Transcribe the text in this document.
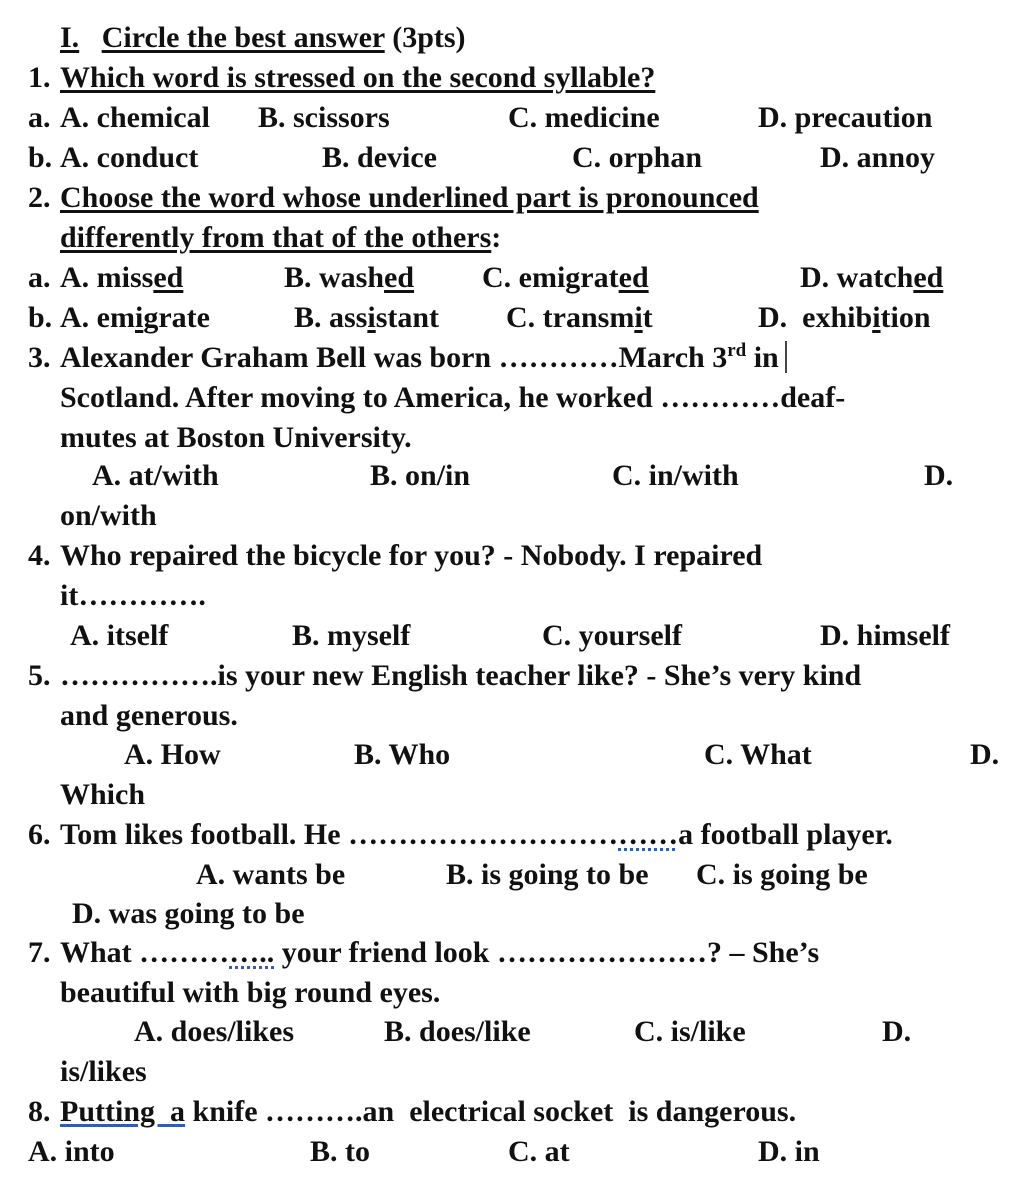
I. Circle the best answer (3pts)
1. Which word is stressed on the second syllable?
a. A. chemical B. scissors	C. medicine	D. precaution
b. A. conduct	B. device	C. orphan	D. annoy
2. Choose the word whose underlined part is pronounced
differently from that of the others:
a. A. missed	B. washed C. emigrated	D. watched
b. A. emigrate	B. assistant C. transmit	D.  exhibition
3. Alexander Graham Bell was born …………March 3rd in
Scotland. After moving to America, he worked …………deaf-
mutes at Boston University.
A. at/with	B. on/in	C. in/with	D.
on/with
4. Who repaired the bicycle for you? - Nobody. I repaired
it………….
A. itself	B. myself	C. yourself	D. himself
5. …………….is your new English teacher like? - She’s very kind
and generous.
A. How	B. Who	C. What	D.
Which
6. Tom likes football. He ……………………………a football player.
A. wants be	B. is going to be C. is going be
D. was going to be
7. What ………….. your friend look …………………? – She’s
beautiful with big round eyes.
A. does/likes	B. does/like	C. is/like	D.
is/likes
8. Putting  a knife ……….an  electrical socket  is dangerous.
A. into	B. to	C. at	D. in
